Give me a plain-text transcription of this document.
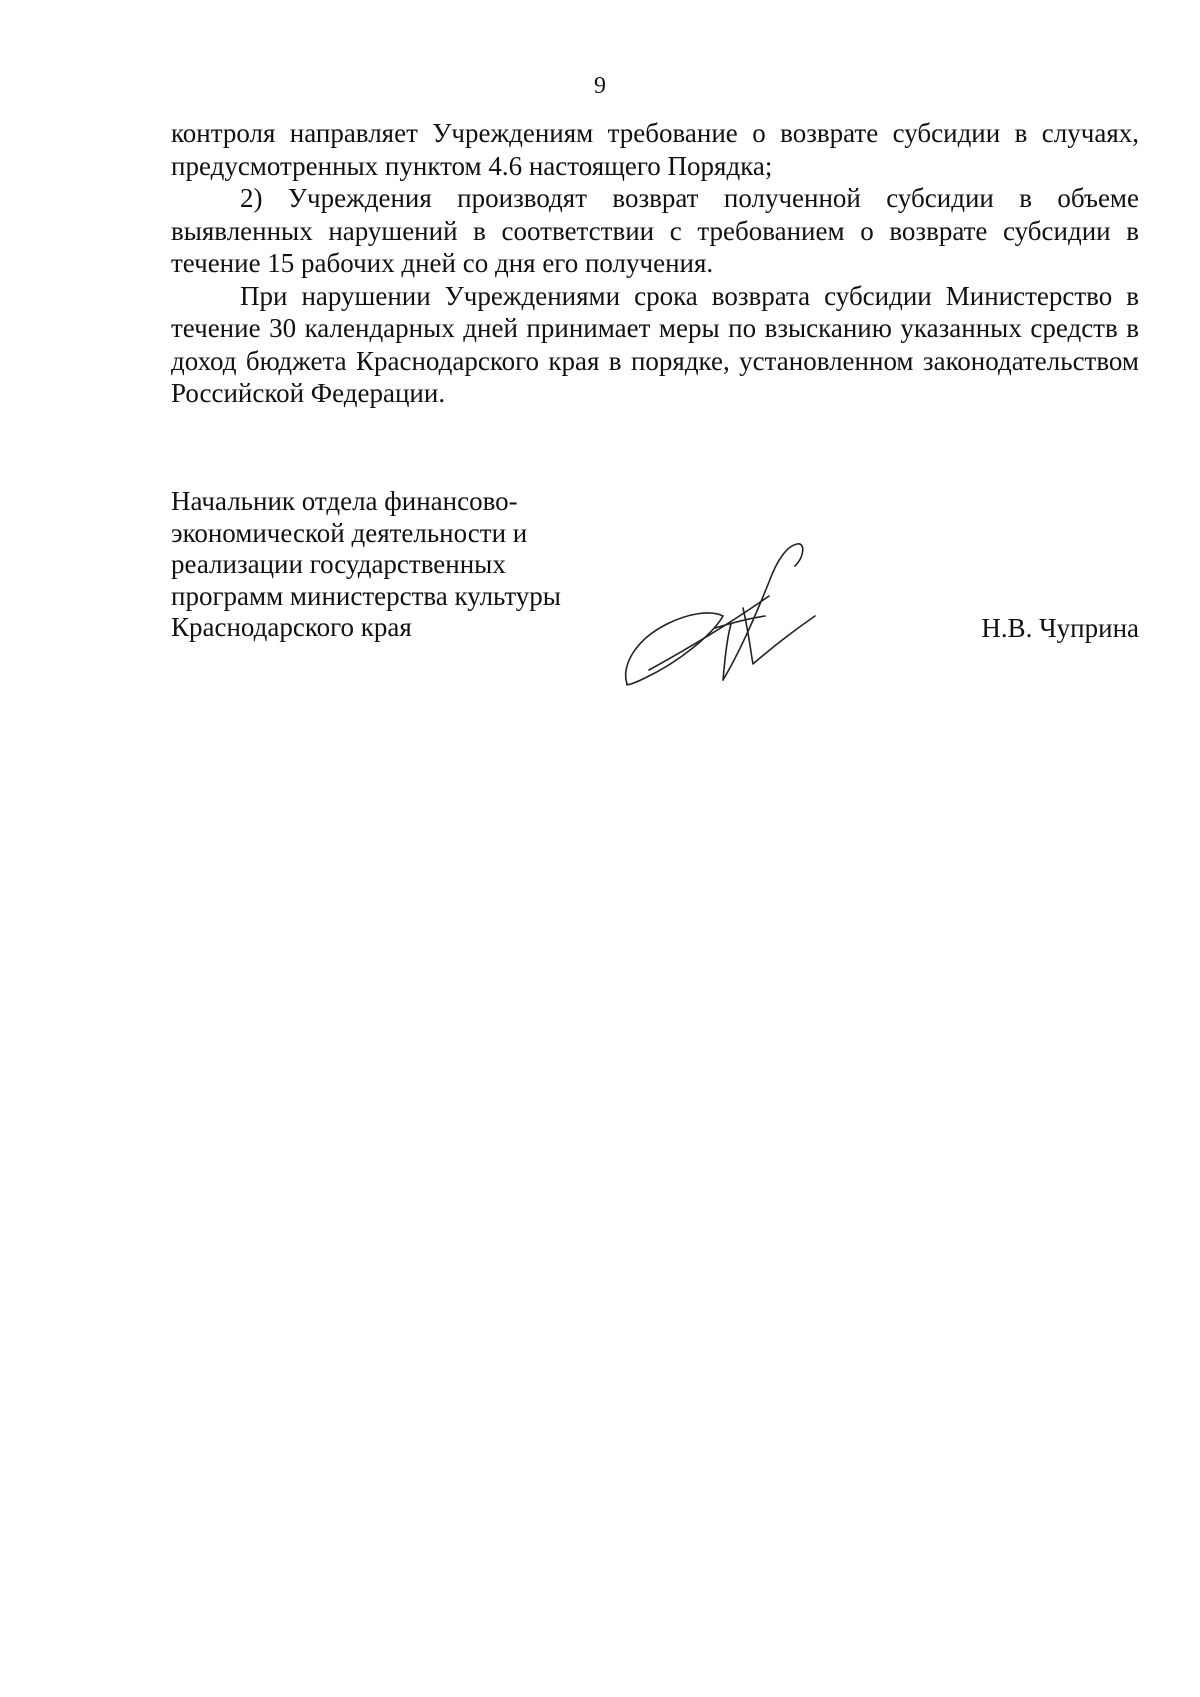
9

контроля направляет Учреждениям требование о возврате субсидии в случаях, предусмотренных пунктом 4.6 настоящего Порядка;

2) Учреждения производят возврат полученной субсидии в объеме выявленных нарушений в соответствии с требованием о возврате субсидии в течение 15 рабочих дней со дня его получения.

При нарушении Учреждениями срока возврата субсидии Министерство в течение 30 календарных дней принимает меры по взысканию указанных средств в доход бюджета Краснодарского края в порядке, установленном законодательством Российской Федерации.

Начальник отдела финансово-
экономической деятельности и
реализации государственных
программ министерства культуры
Краснодарского края	Н.В. Чуприна
